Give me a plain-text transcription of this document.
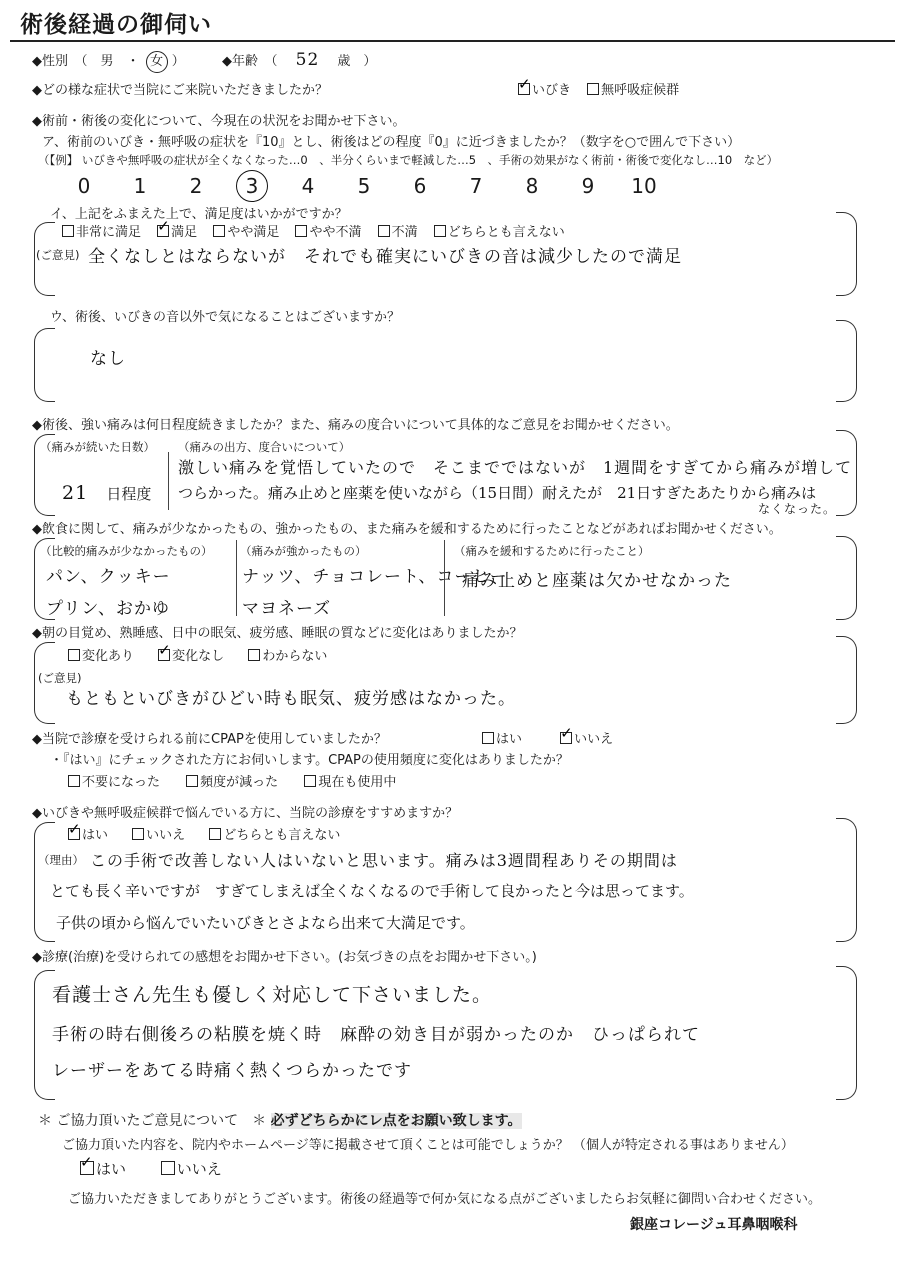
術後経過の御伺い
◆性別　（　男　・ 女 ）	◆年齢　（ 52 歳　）
◆どの様な症状で当院にご来院いただきましたか？ ✓	いびき 無呼吸症候群
◆術前・術後の変化について、今現在の状況をお聞かせ下さい。
ア、術前のいびき・無呼吸の症状を『10』とし、術後はどの程度『0』に近づきましたか？（数字を○で囲んで下さい）
（【例】 いびきや無呼吸の症状が全くなくなった…0　、半分くらいまで軽減した…5　、手術の効果がなく術前・術後で変化なし…10　など）
0 1 2 3 4 5 6 7 8 9 10
イ、上記をふまえた上で、満足度はいかがですか？
非常に満足 ✓ 満足 やや満足 やや不満 不満 どちらとも言えない
(ご意見) 全くなしとはならないが　それでも確実にいびきの音は減少したので満足
ウ、術後、いびきの音以外で気になることはございますか？
なし
◆術後、強い痛みは何日程度続きましたか？また、痛みの度合いについて具体的なご意見をお聞かせください。
（痛みが続いた日数）
21 日程度
（痛みの出方、度合いについて）
激しい痛みを覚悟していたので　そこまでではないが　1週間をすぎてから痛みが増して
つらかった。痛み止めと座薬を使いながら（15日間）耐えたが　21日すぎたあたりから痛みは
なくなった。
◆飲食に関して、痛みが少なかったもの、強かったもの、また痛みを緩和するために行ったことなどがあればお聞かせください。
（比較的痛みが少なかったもの）
パン、クッキー
プリン、おかゆ
（痛みが強かったもの）
ナッツ、チョコレート、コーヒー
マヨネーズ
（痛みを緩和するために行ったこと）
痛み止めと座薬は欠かせなかった
◆朝の目覚め、熟睡感、日中の眠気、疲労感、睡眠の質などに変化はありましたか？
変化あり ✓	変化なし	わからない
(ご意見)
もともといびきがひどい時も眠気、疲労感はなかった。
◆当院で診療を受けられる前にCPAPを使用していましたか？	はい ✓	いいえ
・『はい』にチェックされた方にお伺いします。CPAPの使用頻度に変化はありましたか？
不要になった	頻度が減った	現在も使用中
◆いびきや無呼吸症候群で悩んでいる方に、当院の診療をすすめますか？
✓はい	いいえ	どちらとも言えない
（理由） この手術で改善しない人はいないと思います。痛みは3週間程ありその期間は
とても長く辛いですが　すぎてしまえば全くなくなるので手術して良かったと今は思ってます。
子供の頃から悩んでいたいびきとさよなら出来て大満足です。
◆診療(治療)を受けられての感想をお聞かせ下さい。(お気づきの点をお聞かせ下さい。)
看護士さん先生も優しく対応して下さいました。
手術の時右側後ろの粘膜を焼く時　麻酔の効き目が弱かったのか　ひっぱられて
レーザーをあてる時痛く熱くつらかったです
＊ ご協力頂いたご意見について　＊ 必ずどちらかにレ点をお願い致します。
ご協力頂いた内容を、院内やホームページ等に掲載させて頂くことは可能でしょうか？ （個人が特定される事はありません）
✓はい	いいえ
ご協力いただきましてありがとうございます。術後の経過等で何か気になる点がございましたらお気軽に御問い合わせください。
銀座コレージュ耳鼻咽喉科
